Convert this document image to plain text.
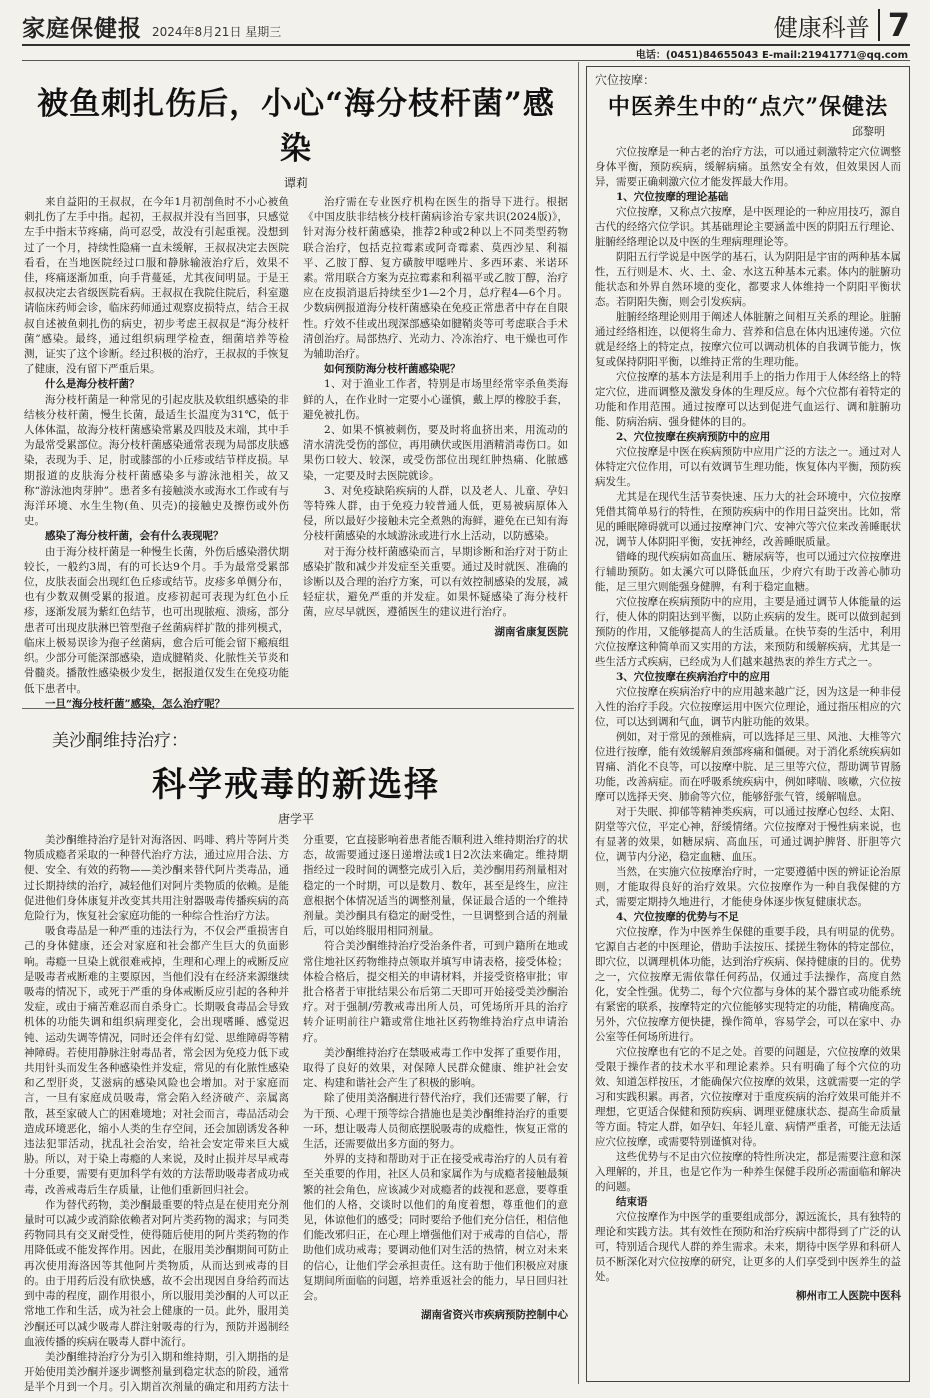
家庭保健报 2024年8月21日 星期三	健康科普 7
电话：(0451)84655043 E-mail:21941771@qq.com
被鱼刺扎伤后，小心“海分枝杆菌”感染
谭莉

来自益阳的王叔叔，在今年1月初剖鱼时不小心被鱼刺扎伤了左手中指。起初，王叔叔并没有当回事，只感觉左手中指末节疼痛，尚可忍受，故没有引起重视。没想到过了一个月，持续性隐痛一直未缓解，王叔叔决定去医院看看，在当地医院经过口服和静脉输液治疗后，效果不佳，疼痛逐渐加重，向手背蔓延，尤其夜间明显。于是王叔叔决定去省级医院看病。王叔叔在我院住院后，科室邀请临床药师会诊，临床药师通过观察皮损特点，结合王叔叔自述被鱼刺扎伤的病史，初步考虑王叔叔是“海分枝杆菌”感染。最终，通过组织病理学检查，细菌培养等检测，证实了这个诊断。经过积极的治疗，王叔叔的手恢复了健康，没有留下严重后果。

什么是海分枝杆菌？

海分枝杆菌是一种常见的引起皮肤及软组织感染的非结核分枝杆菌，慢生长菌，最适生长温度为31℃，低于人体体温，故海分枝杆菌感染常累及四肢及末端，其中手为最常受累部位。海分枝杆菌感染通常表现为局部皮肤感染，表现为手、足，肘或膝部的小丘疹或结节样皮损。早期报道的皮肤海分枝杆菌感染多与游泳池相关，故又称“游泳池肉芽肿”。患者多有接触淡水或海水工作或有与海洋环境、水生生物(鱼、贝壳)的接触史及擦伤或外伤史。

感染了海分枝杆菌，会有什么表现呢？

由于海分枝杆菌是一种慢生长菌，外伤后感染潜伏期较长，一般约3周，有的可长达9个月。手为最常受累部位，皮肤表面会出现红色丘疹或结节。皮疹多单侧分布，也有少数双侧受累的报道。皮疹初起可表现为红色小丘疹，逐渐发展为紫红色结节，也可出现脓疱、溃疡，部分患者可出现皮肤淋巴管型孢子丝菌病样扩散的排列模式，临床上极易误诊为孢子丝菌病，愈合后可能会留下瘢痕组织。少部分可能深部感染，造成腱鞘炎、化脓性关节炎和骨髓炎。播散性感染极少发生，据报道仅发生在免疫功能低下患者中。

一旦“海分枝杆菌”感染，怎么治疗呢？

治疗需在专业医疗机构在医生的指导下进行。根据《中国皮肤非结核分枝杆菌病诊治专家共识(2024版)》，针对海分枝杆菌感染，推荐2种或2种以上不同类型药物联合治疗，包括克拉霉素或阿奇霉素、莫西沙星、利福平、乙胺丁醇、复方磺胺甲噁唑片、多西环素、米诺环素。常用联合方案为克拉霉素和利福平或乙胺丁醇，治疗应在皮损消退后持续至少1—2个月，总疗程4—6个月。少数病例报道海分枝杆菌感染在免疫正常患者中存在自限性。疗效不佳或出现深部感染如腱鞘炎等可考虑联合手术清创治疗。局部热疗、光动力、冷冻治疗、电干燥也可作为辅助治疗。

如何预防海分枝杆菌感染呢？

1、对于渔业工作者，特别是市场里经常宰杀鱼类海鲜的人，在作业时一定要小心谨慎，戴上厚的橡胶手套，避免被扎伤。

2、如果不慎被刺伤，要及时将血挤出来，用流动的清水清洗受伤的部位，再用碘伏或医用酒精消毒伤口。如果伤口较大、较深，或受伤部位出现红肿热痛、化脓感染，一定要及时去医院就诊。

3、对免疫缺陷疾病的人群，以及老人、儿童、孕妇等特殊人群，由于免疫力较普通人低，更易被病原体入侵，所以最好少接触未完全煮熟的海鲜，避免在已知有海分枝杆菌感染的水域游泳或进行水上活动，以防感染。

对于海分枝杆菌感染而言，早期诊断和治疗对于防止感染扩散和减少并发症至关重要。通过及时就医、准确的诊断以及合理的治疗方案，可以有效控制感染的发展，减轻症状，避免严重的并发症。如果怀疑感染了海分枝杆菌，应尽早就医，遵循医生的建议进行治疗。

湖南省康复医院
美沙酮维持治疗：
科学戒毒的新选择
唐学平

美沙酮维持治疗是针对海洛因、吗啡、鸦片等阿片类物质成瘾者采取的一种替代治疗方法，通过应用合法、方便、安全、有效的药物——美沙酮来替代阿片类毒品，通过长期持续的治疗，减轻他们对阿片类物质的依赖。是能促进他们身体康复并改变其共用注射器吸毒传播疾病的高危险行为，恢复社会家庭功能的一种综合性治疗方法。

吸食毒品是一种严重的违法行为，不仅会严重损害自己的身体健康，还会对家庭和社会都产生巨大的负面影响。毒瘾一旦染上就很难戒掉，生理和心理上的戒断反应是吸毒者戒断难的主要原因，当他们没有在经济来源继续吸毒的情况下，或死于严重的身体戒断反应引起的各种并发症，或由于痛苦难忍而自杀身亡。长期吸食毒品会导致机体的功能失调和组织病理变化，会出现嗜睡、感觉迟钝、运动失调等情况，同时还会伴有幻觉、思维障碍等精神障碍。若使用静脉注射毒品者，常会因为免疫力低下或共用针头而发生各种感染性并发症，常见的有化脓性感染和乙型肝炎，艾滋病的感染风险也会增加。对于家庭而言，一旦有家庭成员吸毒，常会陷入经济破产、亲属离散，甚至家破人亡的困难境地；对社会而言，毒品活动会造成环境恶化，缩小人类的生存空间，还会加剧诱发各种违法犯罪活动，扰乱社会治安，给社会安定带来巨大威胁。所以，对于染上毒瘾的人来说，及时止损并尽早戒毒十分重要，需要有更加科学有效的方法帮助吸毒者成功戒毒，改善戒毒后生存质量，让他们重新回归社会。

作为替代药物，美沙酮最重要的特点是在使用充分剂量时可以减少或消除依赖者对阿片类药物的渴求；与同类药物同具有交叉耐受性，使得随后使用的阿片类药物的作用降低或不能发挥作用。因此，在服用美沙酮期间可防止再次使用海洛因等其他阿片类物质，从而达到戒毒的目的。由于用药后没有欣快感，故不会出现因自身给药而达到中毒的程度，副作用很小，所以服用美沙酮的人可以正常地工作和生活，成为社会上健康的一员。此外，服用美沙酮还可以减少吸毒人群注射吸毒的行为，预防并遏制经血液传播的疾病在吸毒人群中流行。

美沙酮维持治疗分为引入期和维持期，引入期指的是开始使用美沙酮并逐步调整剂量到稳定状态的阶段，通常是半个月到一个月。引入期首次剂量的确定和用药方法十分重要，它直接影响着患者能否顺利进入维持期治疗的状态，故需要通过逐日递增法或1日2次法来确定。维持期指经过一段时间的调整完成引入后，美沙酮用药剂量相对稳定的一个时期，可以是数月、数年，甚至是终生，应注意根据个体情况适当的调整剂量，保证最合适的一个维持剂量。美沙酮具有稳定的耐受性，一旦调整到合适的剂量后，可以始终服用相同剂量。

符合美沙酮维持治疗受治条件者，可到户籍所在地或常住地社区药物维持点领取并填写申请表格，接受体检；体检合格后，提交相关的申请材料，并接受资格审批；审批合格者于审批结果公布后第二天即可开始接受美沙酮治疗。对于强制/劳教戒毒出所人员，可凭场所开具的治疗转介证明前往户籍或常住地社区药物维持治疗点申请治疗。

美沙酮维持治疗在禁吸戒毒工作中发挥了重要作用，取得了良好的效果，对保障人民群众健康、维护社会安定、构建和谐社会产生了积极的影响。

除了使用美洛酮进行替代治疗，我们还需要了解，行为干预、心理干预等综合措施也是美沙酮维持治疗的重要一环，想让吸毒人员彻底摆脱吸毒的成瘾性，恢复正常的生活，还需要做出多方面的努力。

外界的支持和帮助对于正在接受戒毒治疗的人员有着至关重要的作用，社区人员和家属作为与成瘾者接触最频繁的社会角色，应该减少对成瘾者的歧视和恶意，要尊重他们的人格，交谈时以他们的角度着想，尊重他们的意见，体谅他们的感受；同时要给予他们充分信任，相信他们能改邪归正，在心理上增强他们对于戒毒的自信心，帮助他们成功戒毒；要调动他们对生活的热情，树立对未来的信心，让他们学会承担责任。这有助于他们积极应对康复期间所面临的问题，培养重返社会的能力，早日回归社会。

湖南省资兴市疾病预防控制中心
穴位按摩：
中医养生中的“点穴”保健法
邱黎明

穴位按摩是一种古老的治疗方法，可以通过刺激特定穴位调整身体平衡，预防疾病，缓解病痛。虽然安全有效，但效果因人而异，需要正确刺激穴位才能发挥最大作用。

1、穴位按摩的理论基础

穴位按摩，又称点穴按摩，是中医理论的一种应用技巧，源自古代的经络穴位学识。其基础理论主要涵盖中医的阴阳五行理论、脏腑经络理论以及中医的生理病理理论等。

阴阳五行学说是中医学的基石，认为阴阳是宇宙的两种基本属性，五行则是木、火、土、金、水这五种基本元素。体内的脏腑功能状态和外界自然环境的变化，都要求人体维持一个阴阳平衡状态。若阴阳失衡，则会引发疾病。

脏腑经络理论则用于阐述人体脏腑之间相互关系的理论。脏腑通过经络相连，以便将生命力、营养和信息在体内迅速传递。穴位就是经络上的特定点，按摩穴位可以调动机体的自我调节能力，恢复或保持阴阳平衡，以维持正常的生理功能。

穴位按摩的基本方法是利用手上的指力作用于人体经络上的特定穴位，进而调整及激发身体的生理反应。每个穴位都有着特定的功能和作用范围。通过按摩可以达到促进气血运行、调和脏腑功能、防病治病、强身健体的目的。

2、穴位按摩在疾病预防中的应用

穴位按摩是中医在疾病预防中应用广泛的方法之一。通过对人体特定穴位作用，可以有效调节生理功能，恢复体内平衡，预防疾病发生。

尤其是在现代生活节奏快速、压力大的社会环境中，穴位按摩凭借其简单易行的特性，在预防疾病中的作用日益突出。比如，常见的睡眠障碍就可以通过按摩神门穴、安神穴等穴位来改善睡眠状况，调节人体阴阳平衡，安抚神经，改善睡眠质量。

错峰的现代疾病如高血压、糖尿病等，也可以通过穴位按摩进行辅助预防。如太溪穴可以降低血压，少府穴有助于改善心肺功能，足三里穴则能强身健脾，有利于稳定血糖。

穴位按摩在疾病预防中的应用，主要是通过调节人体能量的运行，使人体的阴阳达到平衡，以防止疾病的发生。既可以做到起到预防的作用，又能够提高人的生活质量。在快节奏的生活中，利用穴位按摩这种简单而又实用的方法，来预防和缓解疾病，尤其是一些生活方式疾病，已经成为人们越来越热衷的养生方式之一。

3、穴位按摩在疾病治疗中的应用

穴位按摩在疾病治疗中的应用越来越广泛，因为这是一种非侵入性的治疗手段。穴位按摩运用中医穴位理论，通过指压相应的穴位，可以达到调和气血，调节内脏功能的效果。

例如，对于常见的颈椎病，可以选择足三里、风池、大椎等穴位进行按摩，能有效缓解肩颈部疼痛和僵硬。对于消化系统疾病如胃痛、消化不良等，可以按摩中脘、足三里等穴位，帮助调节胃肠功能，改善病症。而在呼吸系统疾病中，例如哮喘、咳嗽，穴位按摩可以选择天突、肺俞等穴位，能够舒张气管，缓解喘息。

对于失眠、抑郁等精神类疾病，可以通过按摩心包经、太阳、阴堂等穴位，平定心神，舒缓情绪。穴位按摩对于慢性病来说，也有显著的效果，如糖尿病、高血压，可通过调护脾肾、肝胆等穴位，调节内分泌，稳定血糖、血压。

当然，在实施穴位按摩治疗时，一定要遵循中医的辨证论治原则，才能取得良好的治疗效果。穴位按摩作为一种自我保健的方式，需要定期持久地进行，才能使身体逐步恢复健康状态。

4、穴位按摩的优势与不足

穴位按摩，作为中医养生保健的重要手段，具有明显的优势。它源自古老的中医理论，借助手法按压、揉搓生物体的特定部位，即穴位，以调理机体功能，达到治疗疾病、保持健康的目的。优势之一，穴位按摩无需依靠任何药品，仅通过手法操作，高度自然化，安全性强。优势二，每个穴位都与身体的某个器官或功能系统有紧密的联系，按摩特定的穴位能够实现特定的功能，精确度高。另外，穴位按摩方便快捷，操作简单，容易学会，可以在家中、办公室等任何场所进行。

穴位按摩也有它的不足之处。首要的问题是，穴位按摩的效果受限于操作者的技术水平和理论素养。只有明确了每个穴位的功效、知道怎样按压，才能确保穴位按摩的效果，这就需要一定的学习和实践积累。再者，穴位按摩对于重度疾病的治疗效果可能并不理想，它更适合保健和预防疾病、调理亚健康状态、提高生命质量等方面。特定人群，如孕妇、年轻儿童、病情严重者，可能无法适应穴位按摩，或需要特别谨慎对待。

这些优势与不足由穴位按摩的特性所决定，都是需要注意和深入理解的，并且，也是它作为一种养生保健手段所必需面临和解决的问题。

结束语

穴位按摩作为中医学的重要组成部分，源远流长，具有独特的理论和实践方法。其有效性在预防和治疗疾病中都得到了广泛的认可，特别适合现代人群的养生需求。未来，期待中医学界和科研人员不断深化对穴位按摩的研究，让更多的人们享受到中医养生的益处。

柳州市工人医院中医科
